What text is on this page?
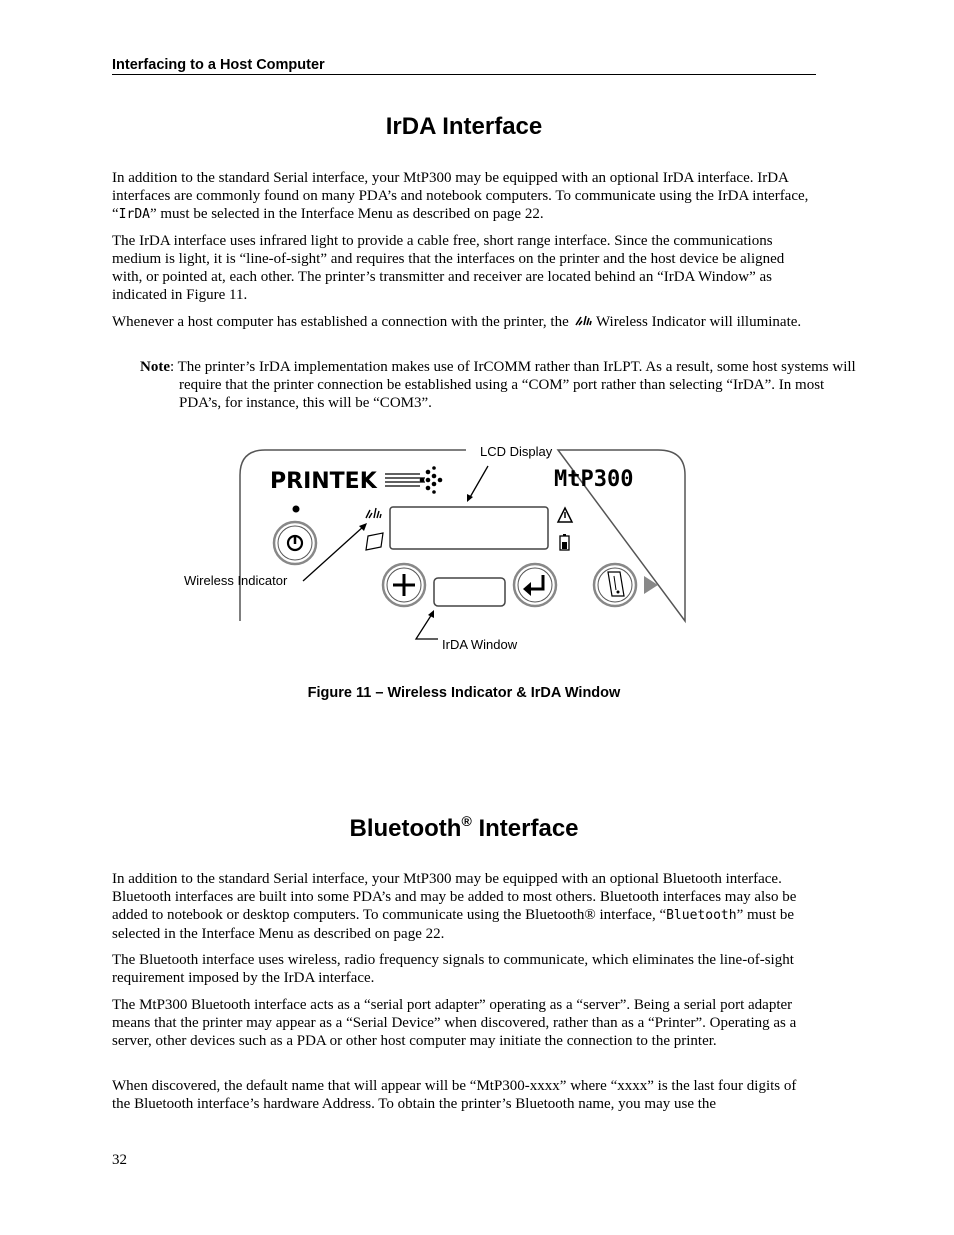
Interfacing to a Host Computer
IrDA Interface

In addition to the standard Serial interface, your MtP300 may be equipped with an optional IrDA interface. IrDA interfaces are commonly found on many PDA’s and notebook computers. To communicate using the IrDA interface, “IrDA” must be selected in the Interface Menu as described on page 22.

The IrDA interface uses infrared light to provide a cable free, short range interface. Since the communications medium is light, it is “line-of-sight” and requires that the interfaces on the printer and the host device be aligned with, or pointed at, each other. The printer’s transmitter and receiver are located behind an “IrDA Window” as indicated in Figure 11.

Whenever a host computer has established a connection with the printer, the  Wireless Indicator will illuminate.

Note: The printer’s IrDA implementation makes use of IrCOMM rather than IrLPT. As a result, some host systems will require that the printer connection be established using a “COM” port rather than selecting “IrDA”. In most PDA’s, for instance, this will be “COM3”.

PRINTEK	MtP300
LCD Display
Wireless Indicator
IrDA Window
Figure 11 – Wireless Indicator & IrDA Window
Bluetooth® Interface

In addition to the standard Serial interface, your MtP300 may be equipped with an optional Bluetooth interface. Bluetooth interfaces are built into some PDA’s and may be added to most others. Bluetooth interfaces may also be added to notebook or desktop computers. To communicate using the Bluetooth® interface, “Bluetooth” must be selected in the Interface Menu as described on page 22.

The Bluetooth interface uses wireless, radio frequency signals to communicate, which eliminates the line-of-sight requirement imposed by the IrDA interface.

The MtP300 Bluetooth interface acts as a “serial port adapter” operating as a “server”. Being a serial port adapter means that the printer may appear as a “Serial Device” when discovered, rather than as a “Printer”. Operating as a server, other devices such as a PDA or other host computer may initiate the connection to the printer.

When discovered, the default name that will appear will be “MtP300-xxxx” where “xxxx” is the last four digits of the Bluetooth interface’s hardware Address. To obtain the printer’s Bluetooth name, you may use the

32
